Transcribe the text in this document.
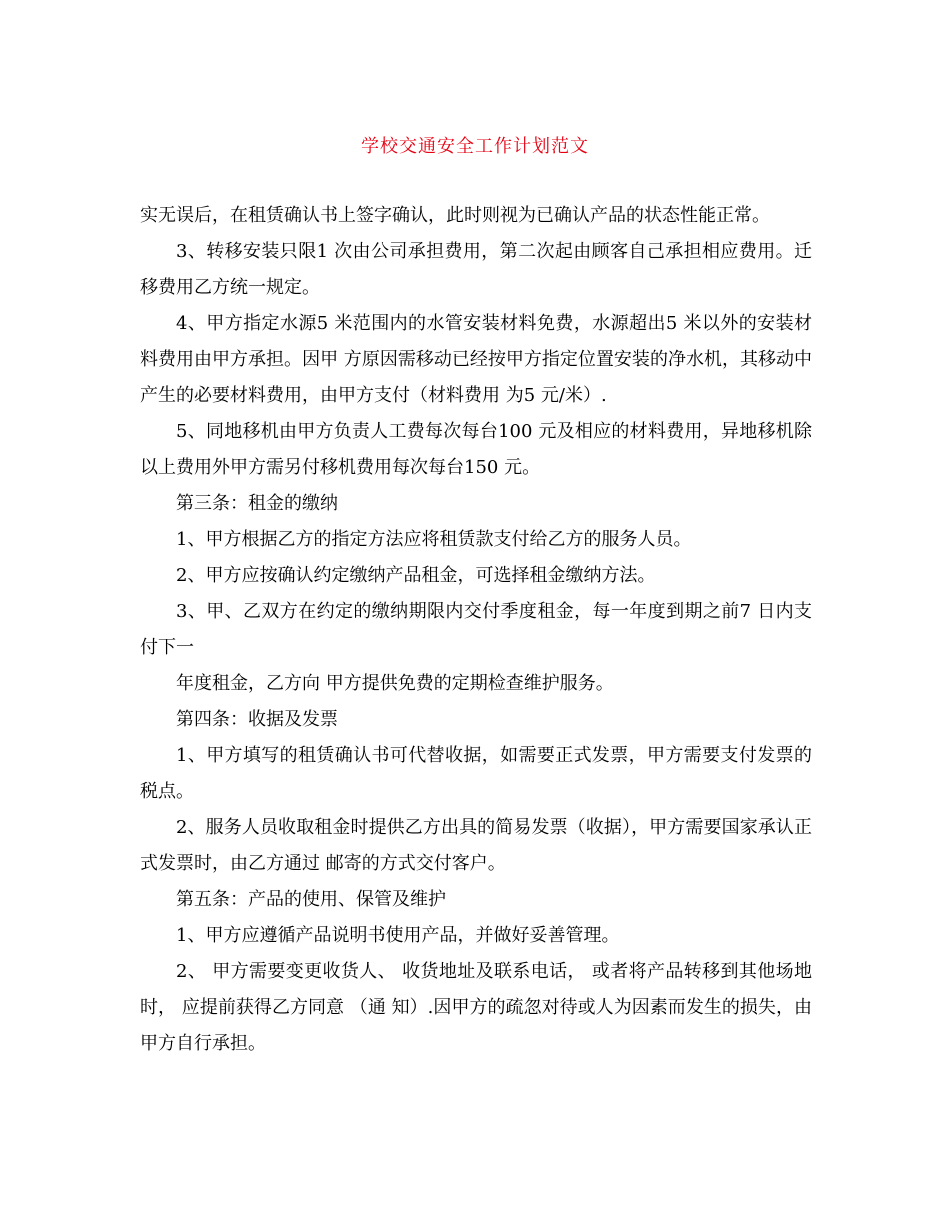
学校交通安全工作计划范文

实无误后，在租赁确认书上签字确认，此时则视为已确认产品的状态性能正常。

3、转移安装只限1 次由公司承担费用，第二次起由顾客自己承担相应费用。迁移费用乙方统一规定。

4、甲方指定水源5 米范围内的水管安装材料免费，水源超出5 米以外的安装材料费用由甲方承担。因甲 方原因需移动已经按甲方指定位置安装的净水机，其移动中产生的必要材料费用，由甲方支付（材料费用 为5 元/米）.

5、同地移机由甲方负责人工费每次每台100 元及相应的材料费用，异地移机除以上费用外甲方需另付移机费用每次每台150 元。

第三条：租金的缴纳

1、甲方根据乙方的指定方法应将租赁款支付给乙方的服务人员。

2、甲方应按确认约定缴纳产品租金，可选择租金缴纳方法。

3、甲、乙双方在约定的缴纳期限内交付季度租金，每一年度到期之前7 日内支付下一

年度租金，乙方向 甲方提供免费的定期检查维护服务。

第四条：收据及发票

1、甲方填写的租赁确认书可代替收据，如需要正式发票，甲方需要支付发票的税点。

2、服务人员收取租金时提供乙方出具的简易发票（收据），甲方需要国家承认正式发票时，由乙方通过 邮寄的方式交付客户。

第五条：产品的使用、保管及维护

1、甲方应遵循产品说明书使用产品，并做好妥善管理。

2、 甲方需要变更收货人、 收货地址及联系电话， 或者将产品转移到其他场地时， 应提前获得乙方同意 （通 知）.因甲方的疏忽对待或人为因素而发生的损失，由甲方自行承担。
